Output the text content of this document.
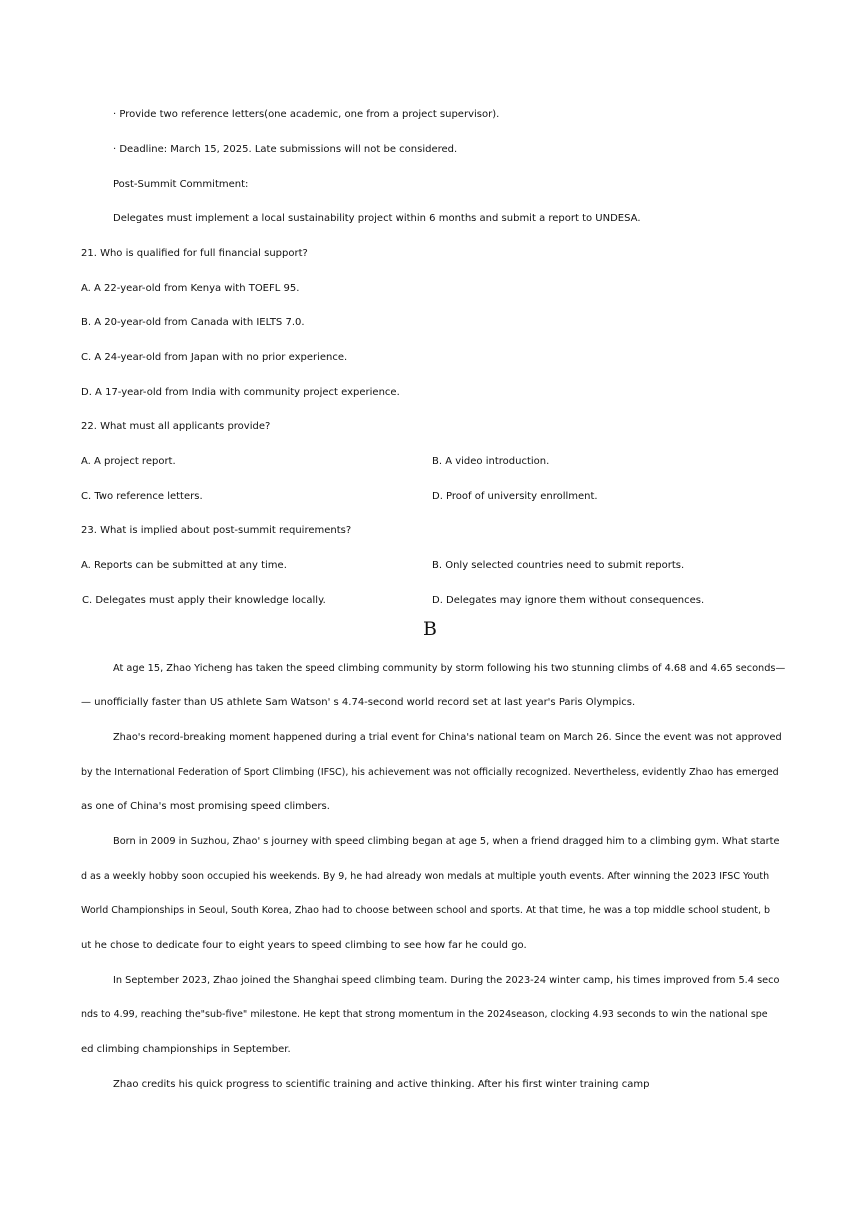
· Provide two reference letters(one academic, one from a project supervisor).
· Deadline: March 15, 2025. Late submissions will not be considered.
Post-Summit Commitment:
Delegates must implement a local sustainability project within 6 months and submit a report to UNDESA.
21. Who is qualified for full financial support?
A. A 22-year-old from Kenya with TOEFL 95.
B. A 20-year-old from Canada with IELTS 7.0.
C. A 24-year-old from Japan with no prior experience.
D. A 17-year-old from India with community project experience.
22. What must all applicants provide?
A. A project report.	B. A video introduction.
C. Two reference letters.	D. Proof of university enrollment.
23. What is implied about post-summit requirements?
A. Reports can be submitted at any time.	B. Only selected countries need to submit reports.
C. Delegates must apply their knowledge locally.	D. Delegates may ignore them without consequences.
B
At age 15, Zhao Yicheng has taken the speed climbing community by storm following his two stunning climbs of 4.68 and 4.65 seconds—
— unofficially faster than US athlete Sam Watson' s 4.74-second world record set at last year's Paris Olympics.
Zhao's record-breaking moment happened during a trial event for China's national team on March 26. Since the event was not approved
by the International Federation of Sport Climbing (IFSC), his achievement was not officially recognized. Nevertheless, evidently Zhao has emerged
as one of China's most promising speed climbers.
Born in 2009 in Suzhou, Zhao' s journey with speed climbing began at age 5, when a friend dragged him to a climbing gym. What starte
d as a weekly hobby soon occupied his weekends. By 9, he had already won medals at multiple youth events. After winning the 2023 IFSC Youth
World Championships in Seoul, South Korea, Zhao had to choose between school and sports. At that time, he was a top middle school student, b
ut he chose to dedicate four to eight years to speed climbing to see how far he could go.
In September 2023, Zhao joined the Shanghai speed climbing team. During the 2023-24 winter camp, his times improved from 5.4 seco
nds to 4.99, reaching the"sub-five" milestone. He kept that strong momentum in the 2024season, clocking 4.93 seconds to win the national spe
ed climbing championships in September.
Zhao credits his quick progress to scientific training and active thinking. After his first winter training camp
